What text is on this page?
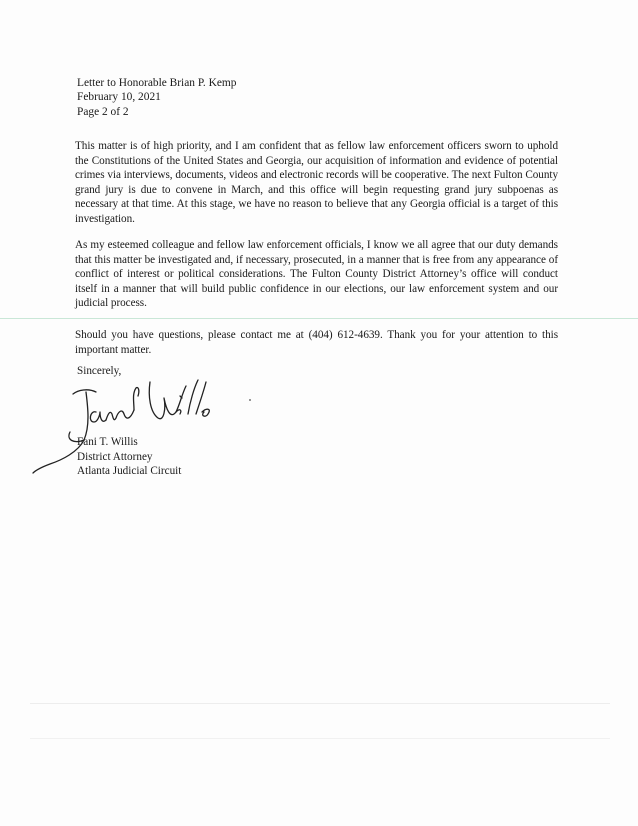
Letter to Honorable Brian P. Kemp
February 10, 2021
Page 2 of 2
This matter is of high priority, and I am confident that as fellow law enforcement officers sworn to uphold the Constitutions of the United States and Georgia, our acquisition of information and evidence of potential crimes via interviews, documents, videos and electronic records will be cooperative. The next Fulton County grand jury is due to convene in March, and this office will begin requesting grand jury subpoenas as necessary at that time. At this stage, we have no reason to believe that any Georgia official is a target of this investigation.
As my esteemed colleague and fellow law enforcement officials, I know we all agree that our duty demands that this matter be investigated and, if necessary, prosecuted, in a manner that is free from any appearance of conflict of interest or political considerations. The Fulton County District Attorney’s office will conduct itself in a manner that will build public confidence in our elections, our law enforcement system and our judicial process.
Should you have questions, please contact me at (404) 612-4639. Thank you for your attention to this important matter.
Sincerely,
Fani T. Willis
District Attorney
Atlanta Judicial Circuit
